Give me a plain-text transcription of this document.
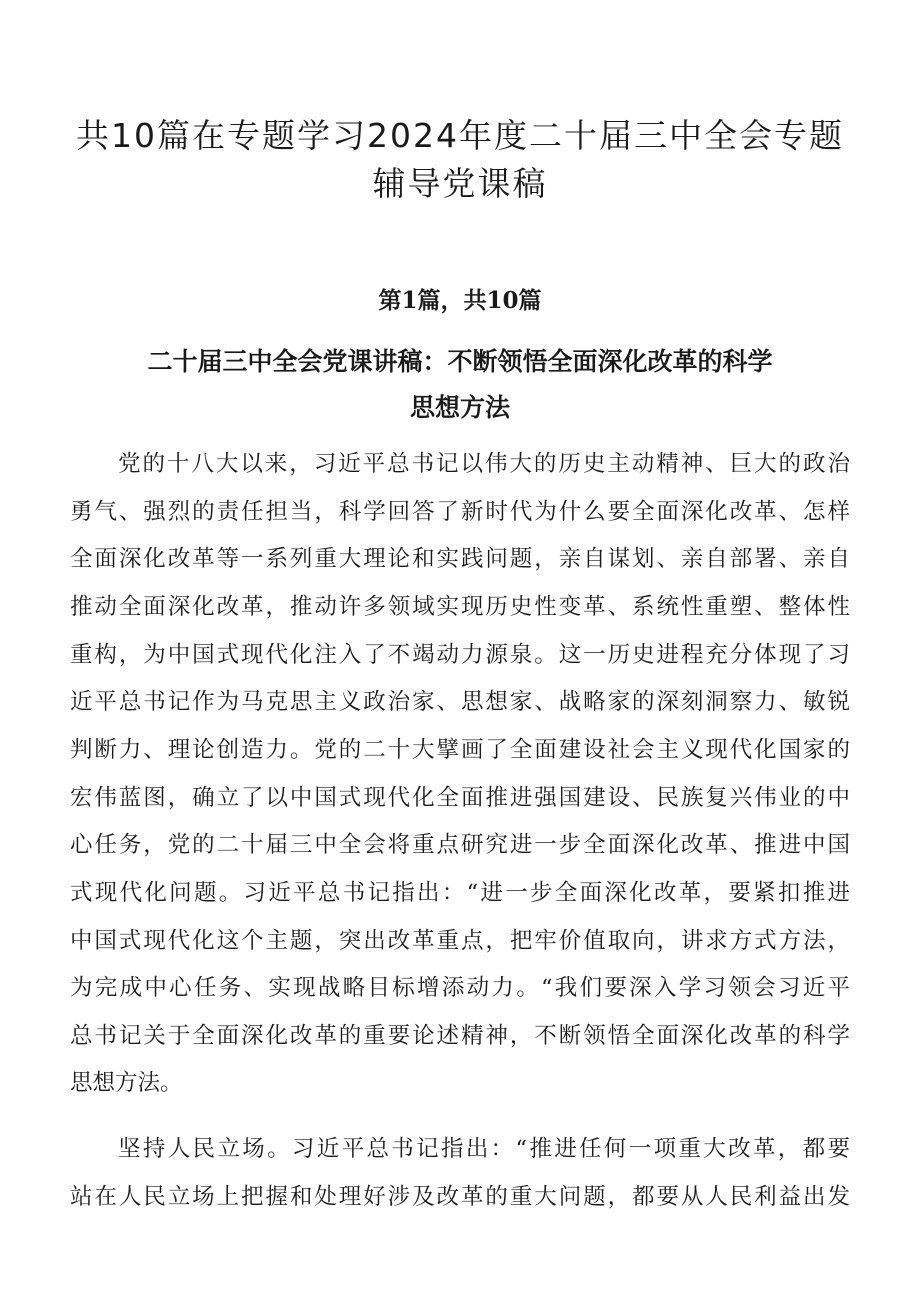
共10篇在专题学习2024年度二十届三中全会专题
辅导党课稿
第1篇，共10篇
二十届三中全会党课讲稿：不断领悟全面深化改革的科学
思想方法
党的十八大以来，习近平总书记以伟大的历史主动精神、巨大的政治
勇气、强烈的责任担当，科学回答了新时代为什么要全面深化改革、怎样
全面深化改革等一系列重大理论和实践问题，亲自谋划、亲自部署、亲自
推动全面深化改革，推动许多领域实现历史性变革、系统性重塑、整体性
重构，为中国式现代化注入了不竭动力源泉。这一历史进程充分体现了习
近平总书记作为马克思主义政治家、思想家、战略家的深刻洞察力、敏锐
判断力、理论创造力。党的二十大擘画了全面建设社会主义现代化国家的
宏伟蓝图，确立了以中国式现代化全面推进强国建设、民族复兴伟业的中
心任务，党的二十届三中全会将重点研究进一步全面深化改革、推进中国
式现代化问题。习近平总书记指出：“进一步全面深化改革，要紧扣推进
中国式现代化这个主题，突出改革重点，把牢价值取向，讲求方式方法，
为完成中心任务、实现战略目标增添动力。“我们要深入学习领会习近平
总书记关于全面深化改革的重要论述精神，不断领悟全面深化改革的科学
思想方法。
坚持人民立场。习近平总书记指出：“推进任何一项重大改革，都要
站在人民立场上把握和处理好涉及改革的重大问题，都要从人民利益出发
